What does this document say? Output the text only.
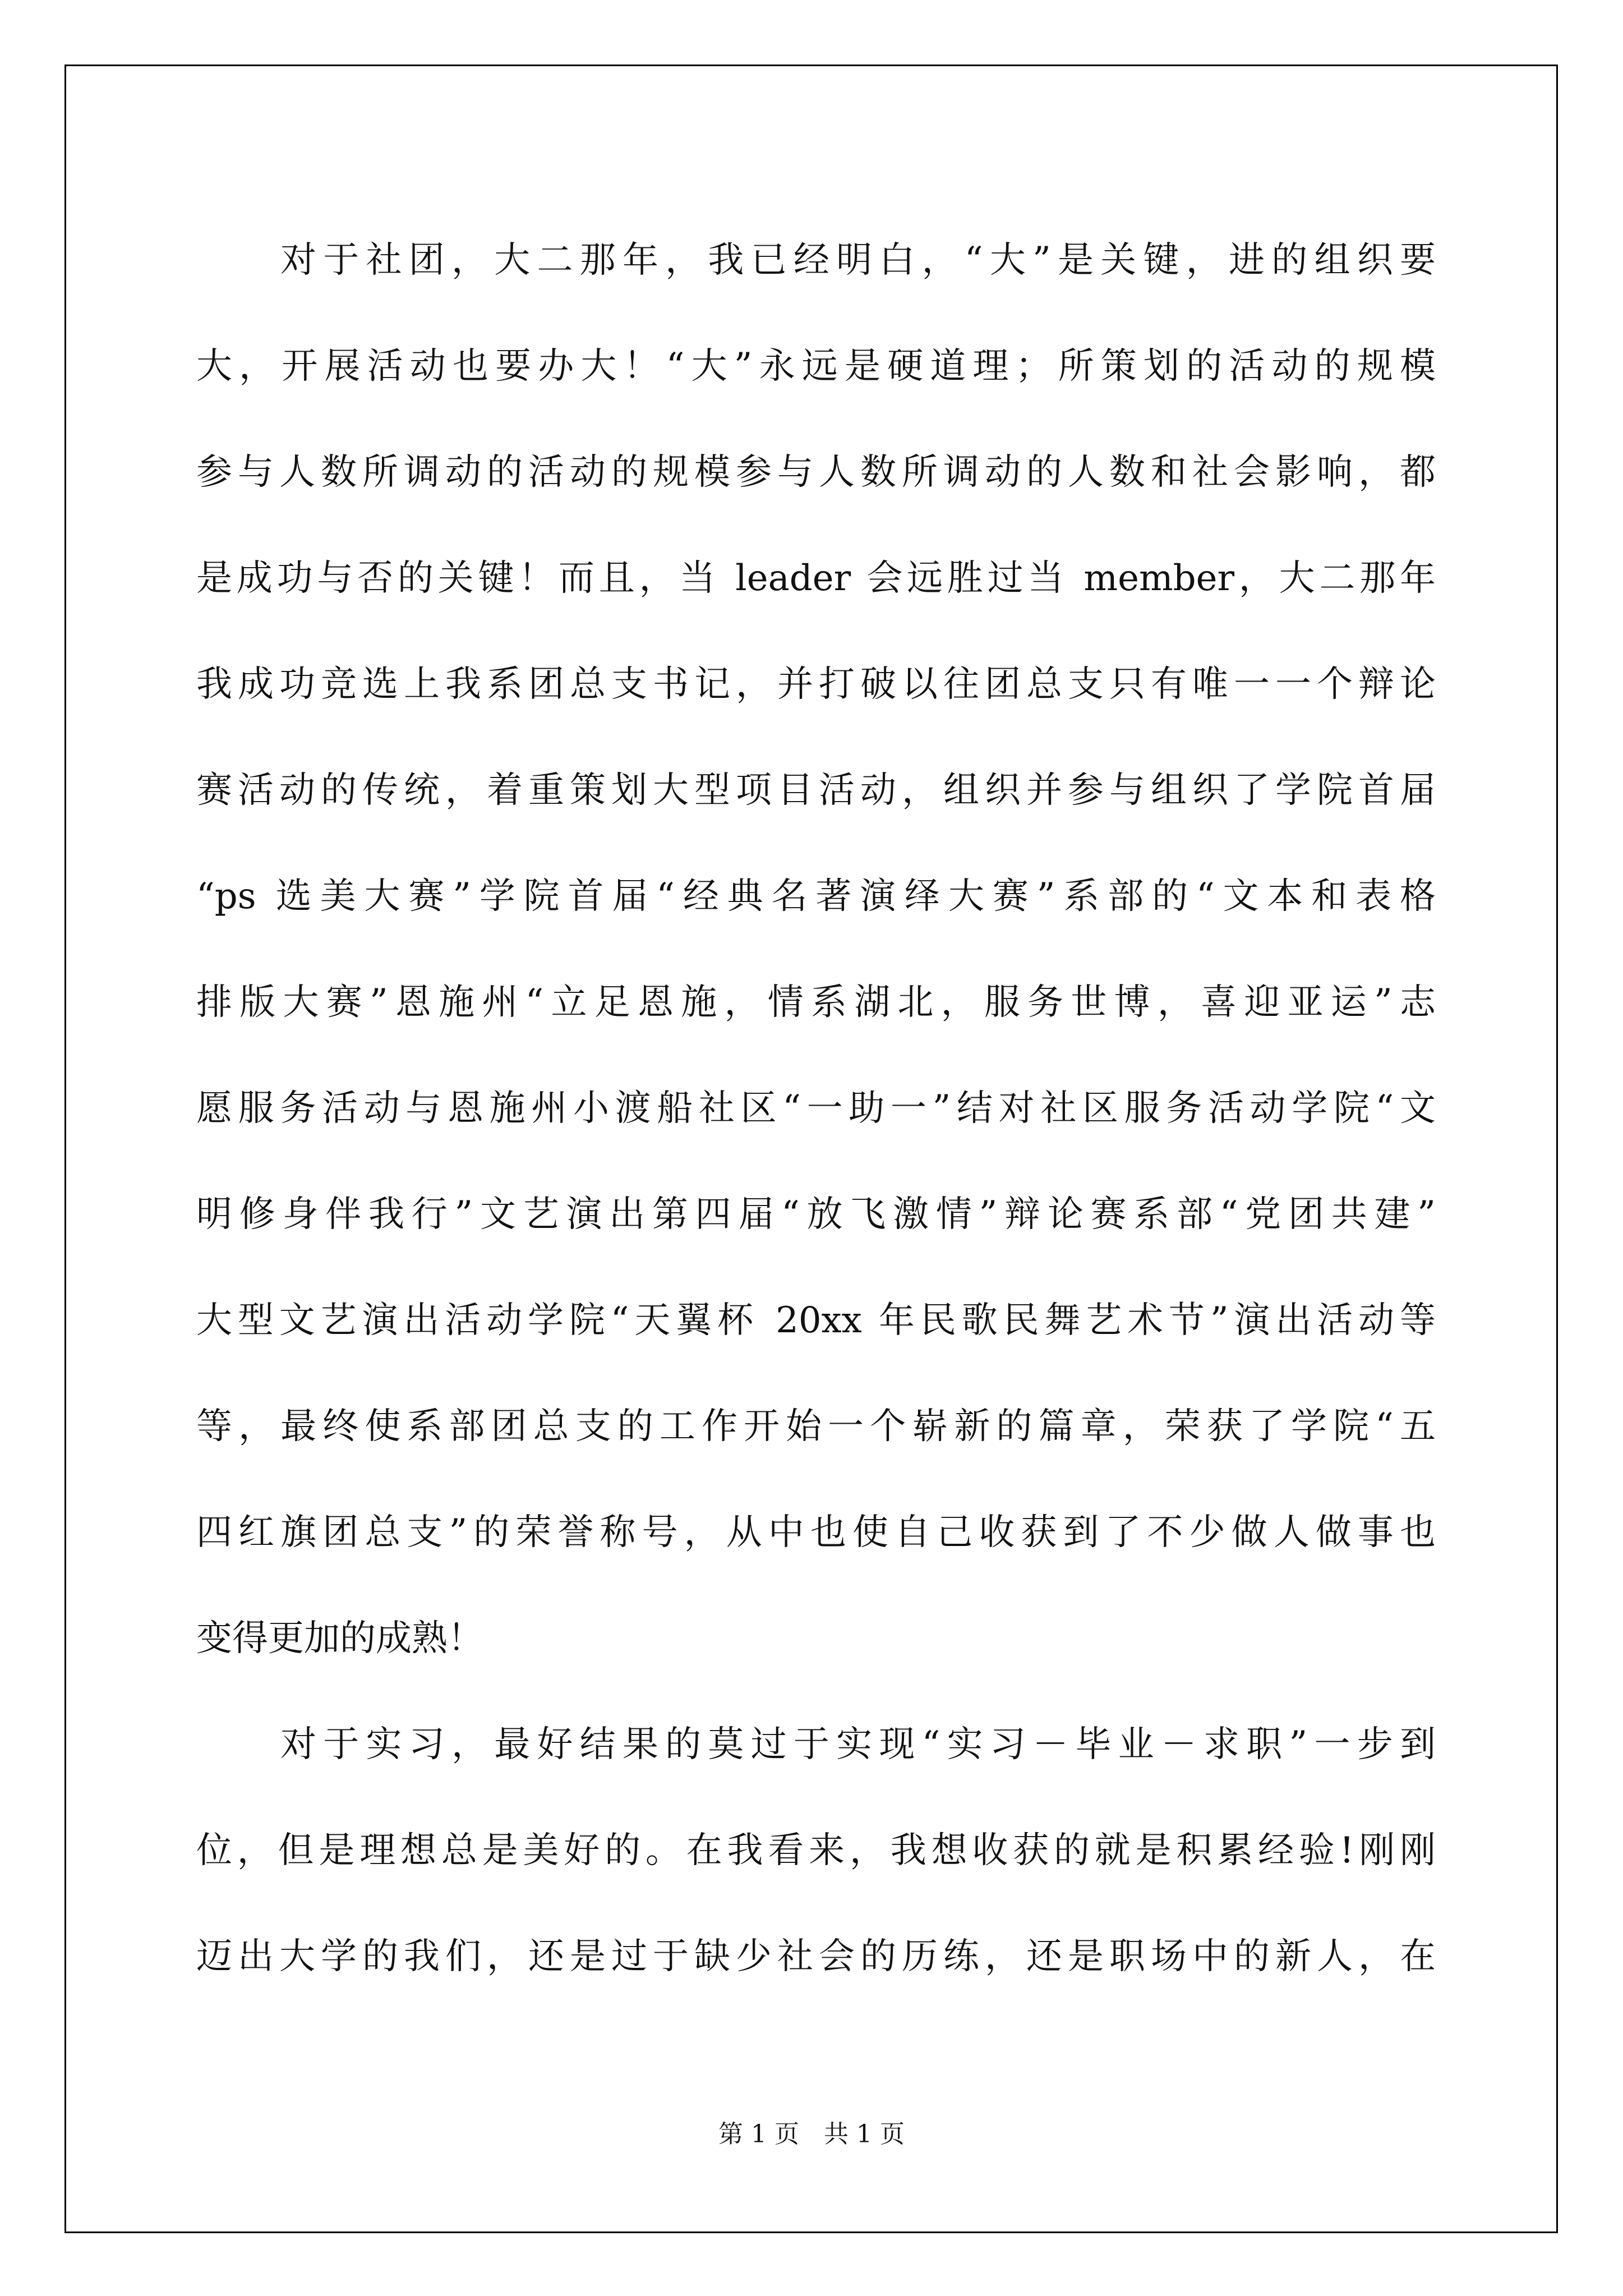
对于社团，大二那年，我已经明白，“大”是关键，进的组织要
大，开展活动也要办大！“大”永远是硬道理；所策划的活动的规模
参与人数所调动的活动的规模参与人数所调动的人数和社会影响，都
是成功与否的关键！而且，当 leader 会远胜过当 member，大二那年
我成功竞选上我系团总支书记，并打破以往团总支只有唯一一个辩论
赛活动的传统，着重策划大型项目活动，组织并参与组织了学院首届
“ps 选美大赛”学院首届“经典名著演绎大赛”系部的“文本和表格
排版大赛”恩施州“立足恩施，情系湖北，服务世博，喜迎亚运”志
愿服务活动与恩施州小渡船社区“一助一”结对社区服务活动学院“文
明修身伴我行”文艺演出第四届“放飞激情”辩论赛系部“党团共建”
大型文艺演出活动学院“天翼杯 20xx 年民歌民舞艺术节”演出活动等
等，最终使系部团总支的工作开始一个崭新的篇章，荣获了学院“五
四红旗团总支”的荣誉称号，从中也使自己收获到了不少做人做事也
变得更加的成熟！
对于实习，最好结果的莫过于实现“实习－毕业－求职”一步到
位，但是理想总是美好的。在我看来，我想收获的就是积累经验!刚刚
迈出大学的我们，还是过于缺少社会的历练，还是职场中的新人，在
第 1 页　共 1 页
